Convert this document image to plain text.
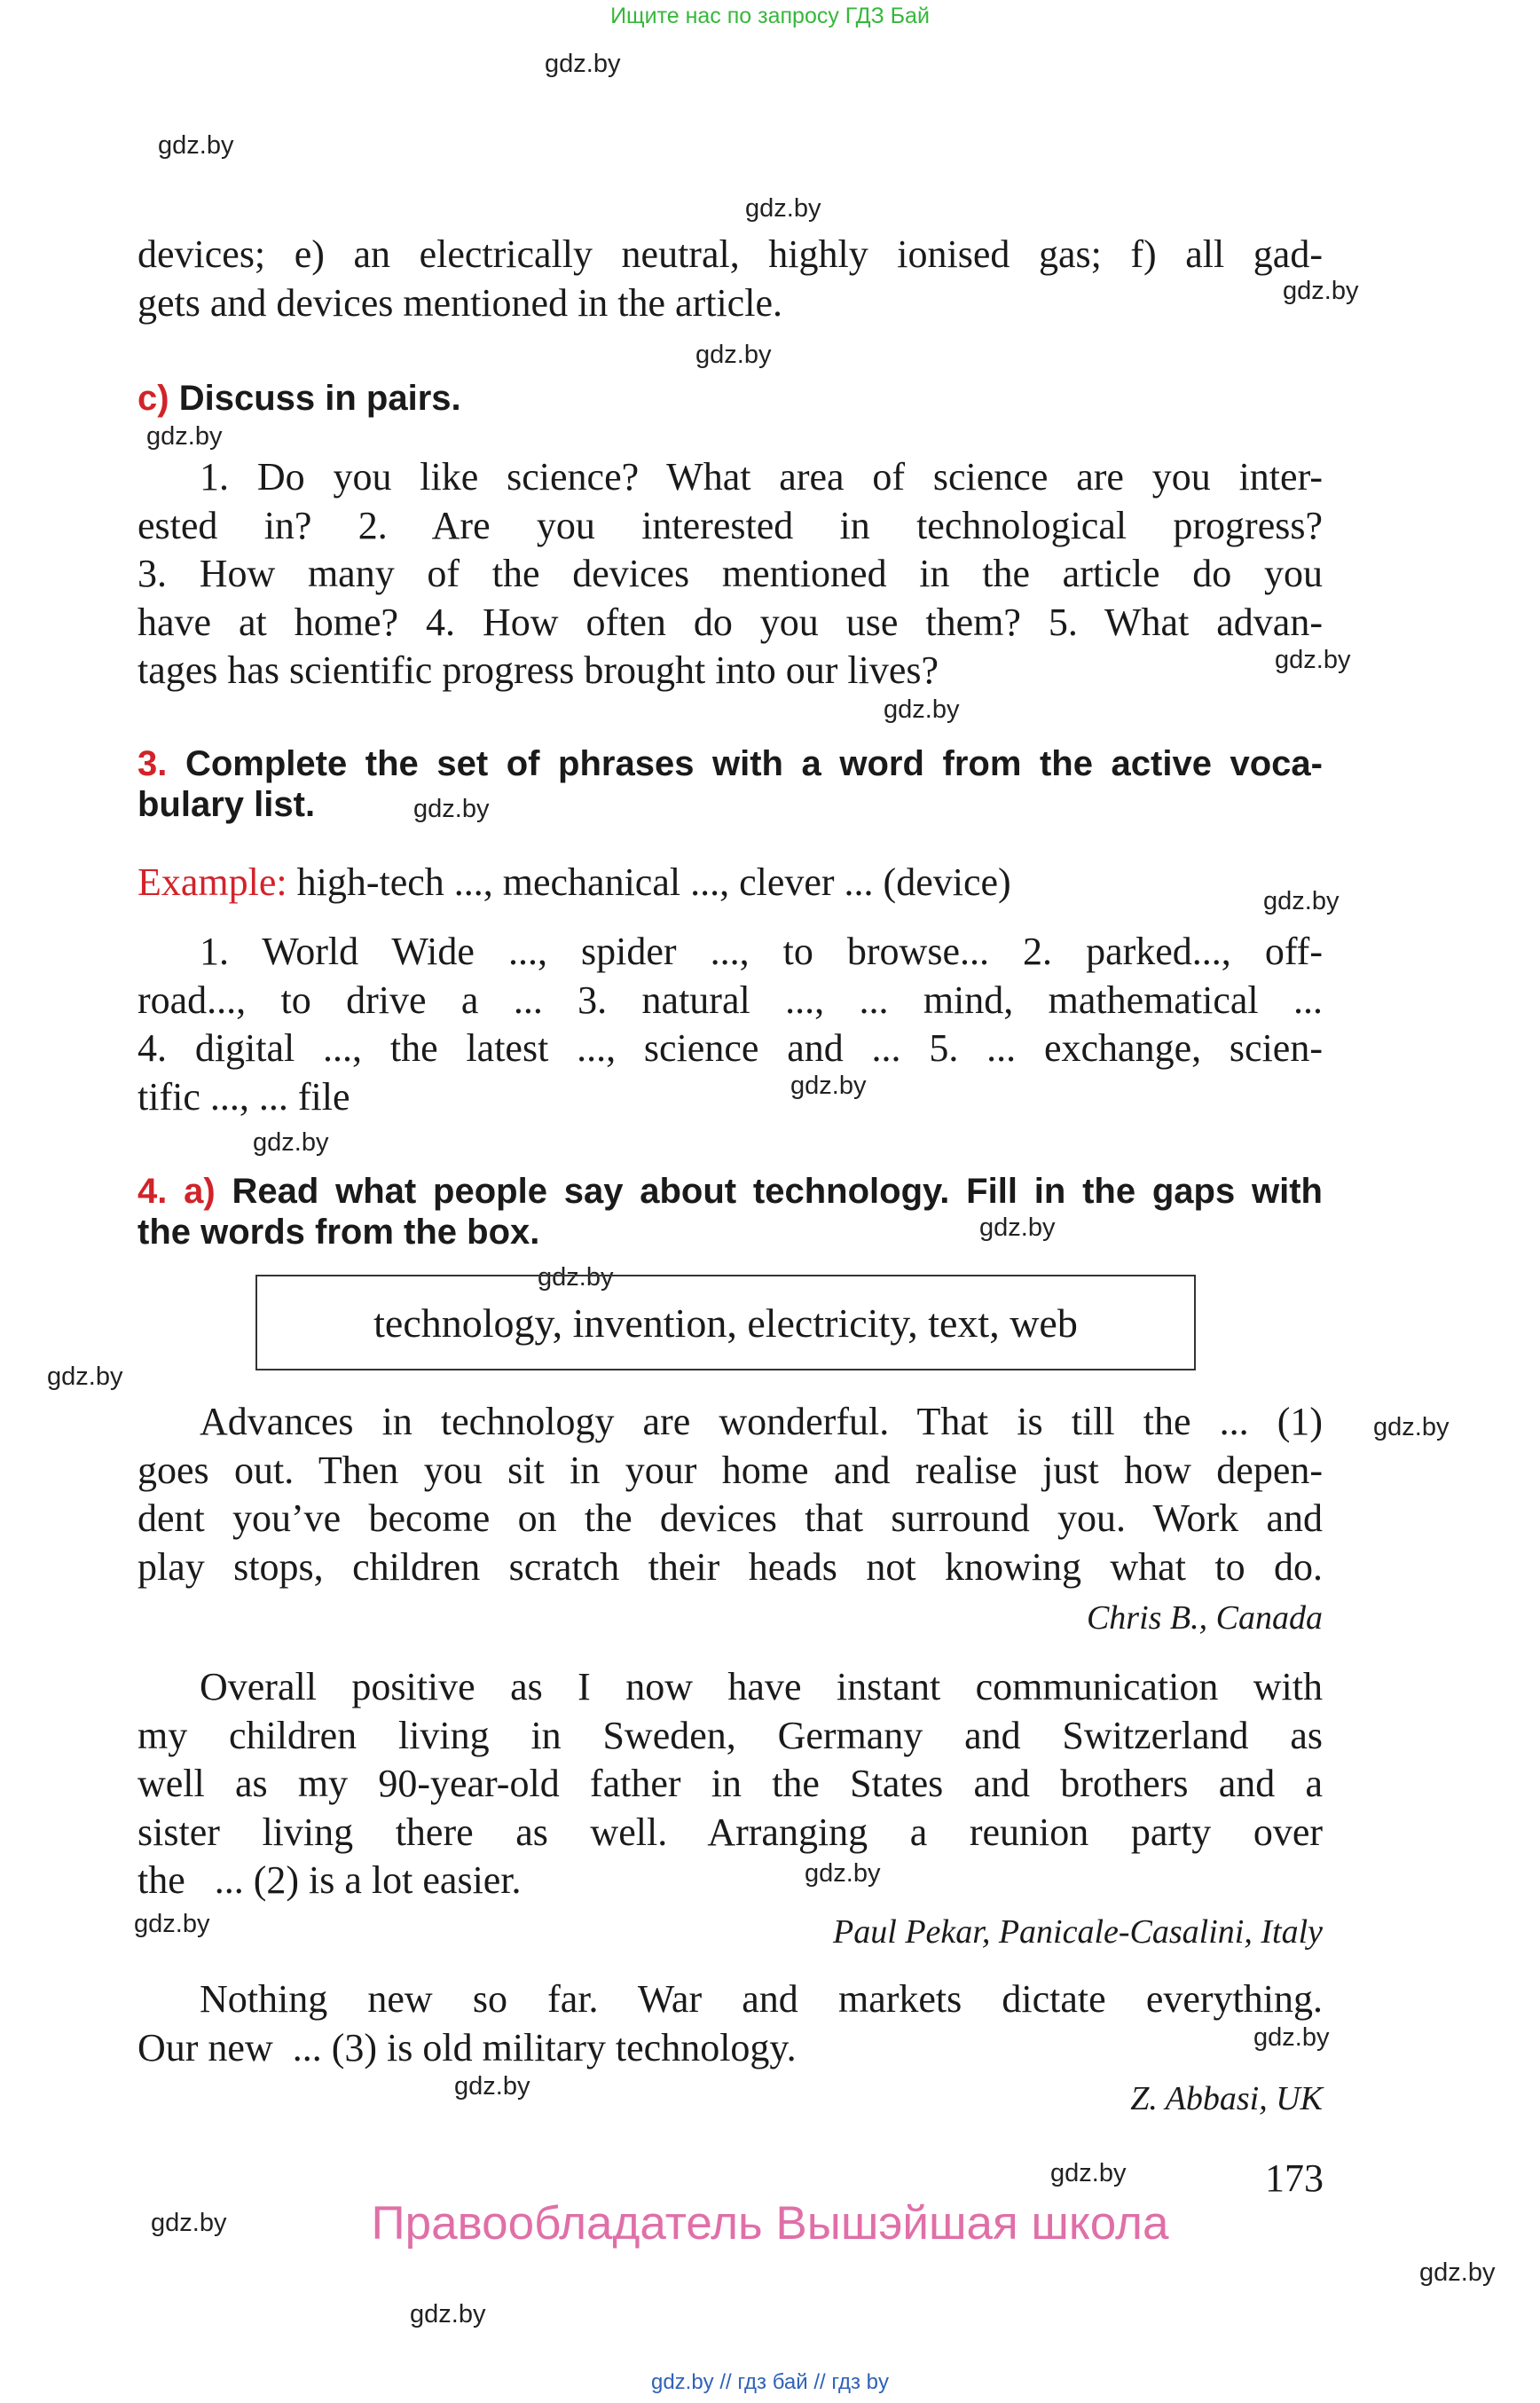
Ищите нас по запросу ГДЗ Бай
gdz.by
gdz.by
gdz.by
gdz.by
gdz.by
gdz.by
gdz.by
gdz.by
gdz.by
gdz.by
gdz.by
gdz.by
gdz.by
gdz.by
gdz.by
gdz.by
gdz.by
gdz.by
gdz.by
gdz.by
gdz.by
gdz.by
gdz.by
gdz.by
devices; e) an electrically neutral, highly ionised gas; f) all gad-
gets and devices mentioned in the article.
c) Discuss in pairs.
1. Do you like science? What area of science are you inter-
ested in? 2. Are you interested in technological progress?
3. How many of the devices mentioned in the article do you
have at home? 4. How often do you use them? 5. What advan-
tages has scientific progress brought into our lives?
3. Complete the set of phrases with a word from the active voca-
bulary list.
Example: high-tech ..., mechanical ..., clever ... (device)
1. World Wide ..., spider ..., to browse... 2. parked..., off-
road..., to drive a ... 3. natural ..., ... mind, mathematical ...
4. digital ..., the latest ..., science and ... 5. ... exchange, scien-
tific ..., ... file
4. a) Read what people say about technology. Fill in the gaps with
the words from the box.
technology, invention, electricity, text, web
Advances in technology are wonderful. That is till the ... (1)
goes out. Then you sit in your home and realise just how depen-
dent you’ve become on the devices that surround you. Work and
play stops, children scratch their heads not knowing what to do.
Chris B., Canada
Overall positive as I now have instant communication with
my children living in Sweden, Germany and Switzerland as
well as my 90-year-old father in the States and brothers and a
sister living there as well. Arranging a reunion party over
the   ... (2) is a lot easier.
Paul Pekar, Panicale-Casalini, Italy
Nothing new so far. War and markets dictate everything.
Our new  ... (3) is old military technology.
Z. Abbasi, UK
173
Правообладатель Вышэйшая школа
gdz.by // гдз бай // гдз by
